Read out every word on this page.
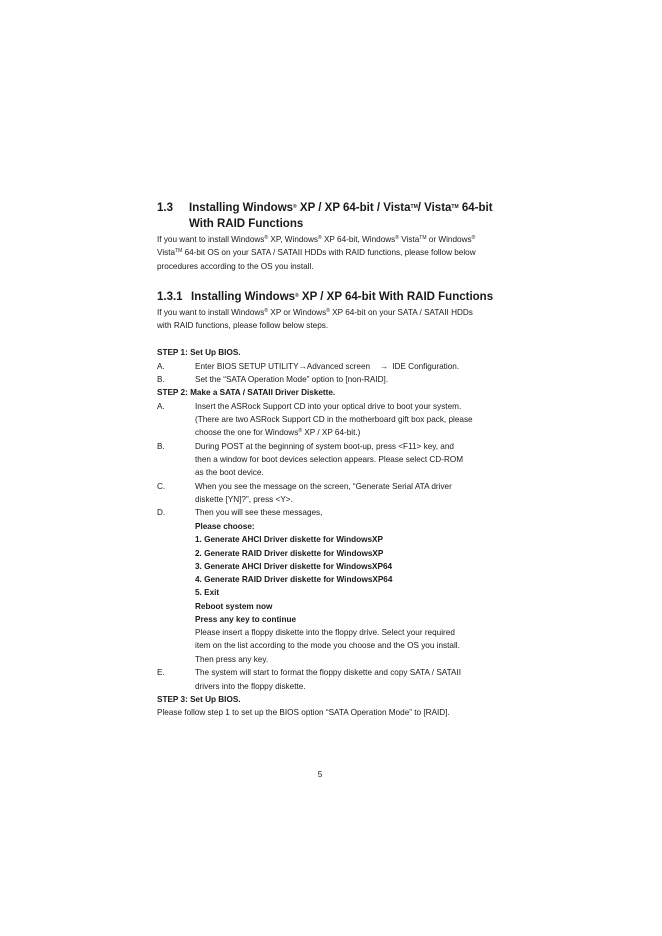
1.3 Installing Windows® XP / XP 64-bit / Vista™/ Vista™ 64-bit
With RAID Functions
If you want to install Windows® XP, Windows® XP 64-bit, Windows® Vista™ or Windows®
Vista™ 64-bit OS on your SATA / SATAII HDDs with RAID functions, please follow below
procedures according to the OS you install.
1.3.1 Installing Windows® XP / XP 64-bit With RAID Functions
If you want to install Windows® XP or Windows® XP 64-bit on your SATA / SATAII HDDs
with RAID functions, please follow below steps.
STEP 1: Set Up BIOS.
A.	Enter BIOS SETUP UTILITY→Advanced screen → IDE Configuration.
B.	Set the “SATA Operation Mode” option to [non-RAID].
STEP 2: Make a SATA / SATAII Driver Diskette.
A.	Insert the ASRock Support CD into your optical drive to boot your system.
(There are two ASRock Support CD in the motherboard gift box pack, please
choose the one for Windows® XP / XP 64-bit.)
B.	During POST at the beginning of system boot-up, press <F11> key, and
then a window for boot devices selection appears. Please select CD-ROM
as the boot device.
C.	When you see the message on the screen, “Generate Serial ATA driver
diskette [YN]?”, press <Y>.
D.	Then you will see these messages,
Please choose:
1. Generate AHCI Driver diskette for WindowsXP
2. Generate RAID Driver diskette for WindowsXP
3. Generate AHCI Driver diskette for WindowsXP64
4. Generate RAID Driver diskette for WindowsXP64
5. Exit
Reboot system now
Press any key to continue
Please insert a floppy diskette into the floppy drive. Select your required
item on the list according to the mode you choose and the OS you install.
Then press any key.
E.	The system will start to format the floppy diskette and copy SATA / SATAII
drivers into the floppy diskette.
STEP 3: Set Up BIOS.
Please follow step 1 to set up the BIOS option “SATA Operation Mode” to [RAID].
5
